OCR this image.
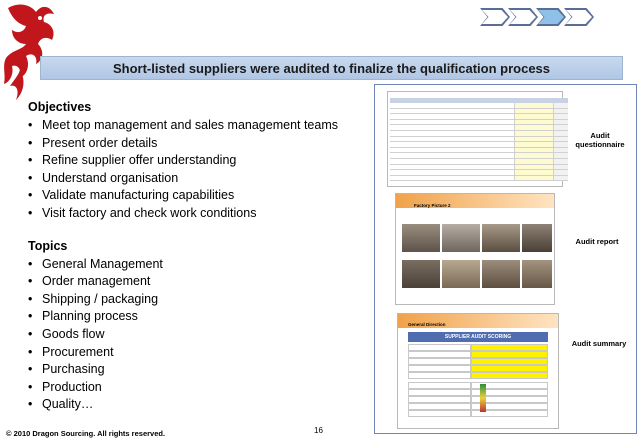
Short-listed suppliers were audited to finalize the qualification process
Objectives
• Meet top management and sales management teams
• Present order details
• Refine supplier offer understanding
• Understand organisation
• Validate manufacturing capabilities
• Visit factory and check work conditions
Topics
• General Management
• Order management
• Shipping / packaging
• Planning process
• Goods flow
• Procurement
• Purchasing
• Production
• Quality…
© 2010 Dragon Sourcing. All rights reserved.	16
Audit questionnaire
Factory Picture 2
Audit report
General Direction
SUPPLIER AUDIT SCORING
Audit summary
